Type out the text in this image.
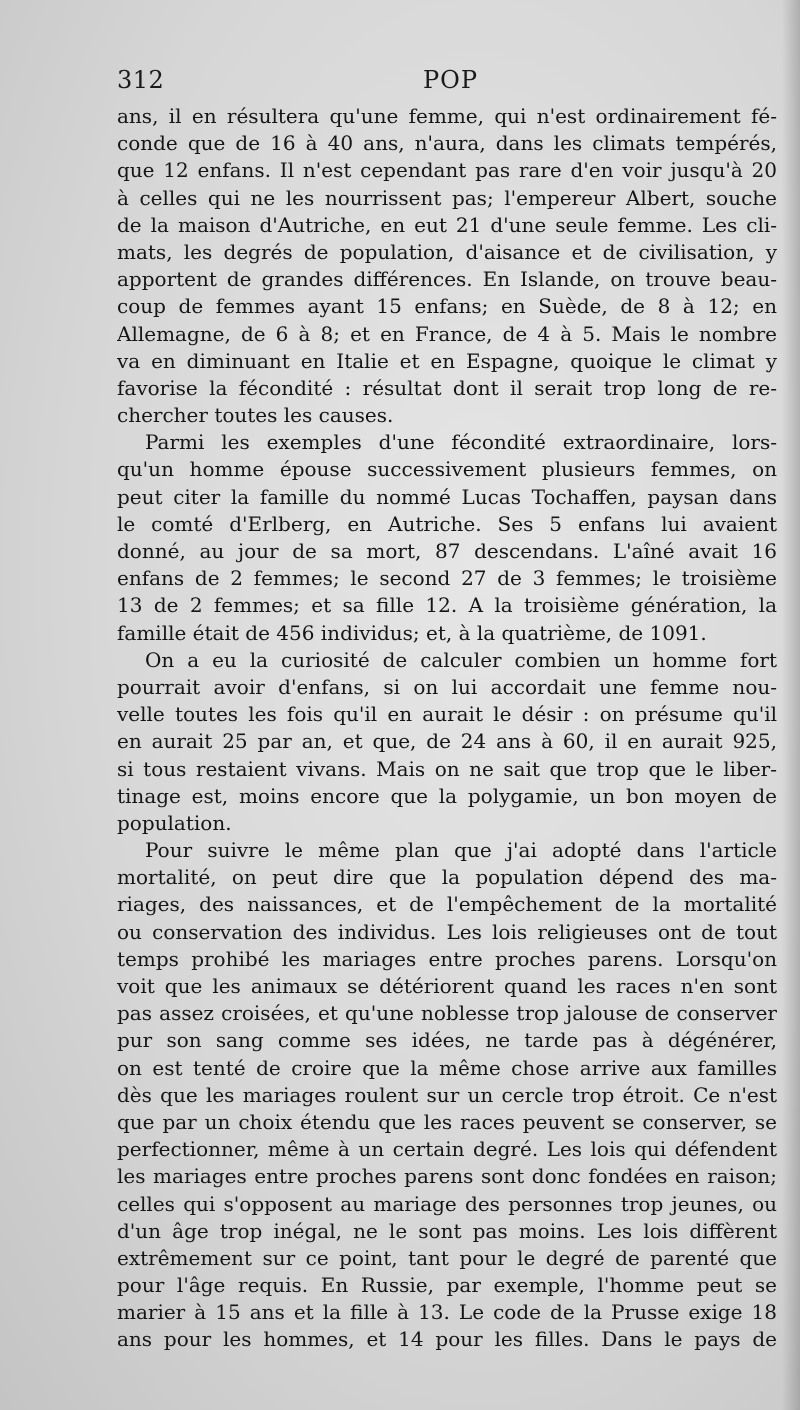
312	POP
ans, il en résultera qu'une femme, qui n'est ordinairement fé-
conde que de 16 à 40 ans, n'aura, dans les climats tempérés,
que 12 enfans. Il n'est cependant pas rare d'en voir jusqu'à 20
à celles qui ne les nourrissent pas; l'empereur Albert, souche
de la maison d'Autriche, en eut 21 d'une seule femme. Les cli-
mats, les degrés de population, d'aisance et de civilisation, y
apportent de grandes différences. En Islande, on trouve beau-
coup de femmes ayant 15 enfans; en Suède, de 8 à 12; en
Allemagne, de 6 à 8; et en France, de 4 à 5. Mais le nombre
va en diminuant en Italie et en Espagne, quoique le climat y
favorise la fécondité : résultat dont il serait trop long de re-
chercher toutes les causes.
Parmi les exemples d'une fécondité extraordinaire, lors-
qu'un homme épouse successivement plusieurs femmes, on
peut citer la famille du nommé Lucas Tochaffen, paysan dans
le comté d'Erlberg, en Autriche. Ses 5 enfans lui avaient
donné, au jour de sa mort, 87 descendans. L'aîné avait 16
enfans de 2 femmes; le second 27 de 3 femmes; le troisième
13 de 2 femmes; et sa fille 12. A la troisième génération, la
famille était de 456 individus; et, à la quatrième, de 1091.
On a eu la curiosité de calculer combien un homme fort
pourrait avoir d'enfans, si on lui accordait une femme nou-
velle toutes les fois qu'il en aurait le désir : on présume qu'il
en aurait 25 par an, et que, de 24 ans à 60, il en aurait 925,
si tous restaient vivans. Mais on ne sait que trop que le liber-
tinage est, moins encore que la polygamie, un bon moyen de
population.
Pour suivre le même plan que j'ai adopté dans l'article
mortalité, on peut dire que la population dépend des ma-
riages, des naissances, et de l'empêchement de la mortalité
ou conservation des individus. Les lois religieuses ont de tout
temps prohibé les mariages entre proches parens. Lorsqu'on
voit que les animaux se détériorent quand les races n'en sont
pas assez croisées, et qu'une noblesse trop jalouse de conserver
pur son sang comme ses idées, ne tarde pas à dégénérer,
on est tenté de croire que la même chose arrive aux familles
dès que les mariages roulent sur un cercle trop étroit. Ce n'est
que par un choix étendu que les races peuvent se conserver, se
perfectionner, même à un certain degré. Les lois qui défendent
les mariages entre proches parens sont donc fondées en raison;
celles qui s'opposent au mariage des personnes trop jeunes, ou
d'un âge trop inégal, ne le sont pas moins. Les lois diffèrent
extrêmement sur ce point, tant pour le degré de parenté que
pour l'âge requis. En Russie, par exemple, l'homme peut se
marier à 15 ans et la fille à 13. Le code de la Prusse exige 18
ans pour les hommes, et 14 pour les filles. Dans le pays de
